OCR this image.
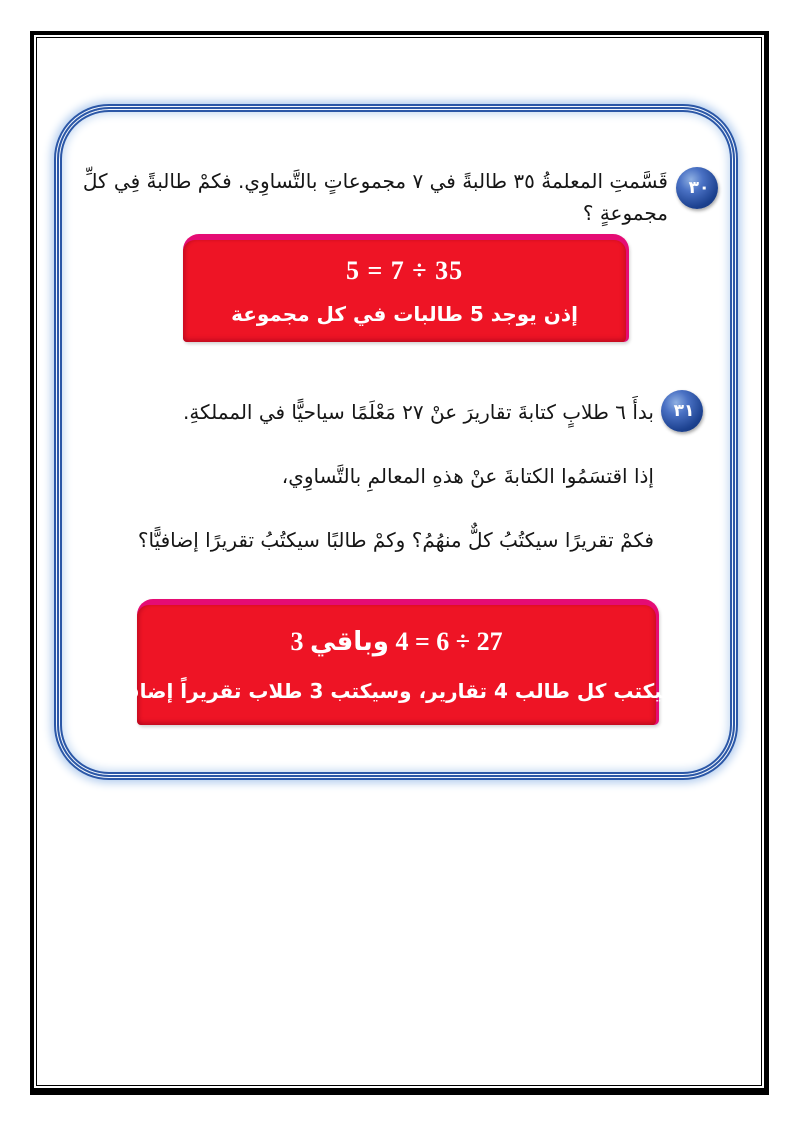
٣٠
قَسَّمتِ المعلمةُ ٣٥ طالبةً في ٧ مجموعاتٍ بالتَّساوِي. فكمْ طالبةً فِي كلِّ مجموعةٍ ؟
35 ÷ 7 = 5
إذن يوجد 5 طالبات في كل مجموعة
٣١
بدأَ ٦ طلابٍ كتابةَ تقاريرَ عنْ ٢٧ مَعْلَمًا سياحيًّا في المملكةِ.
إذا اقتسَمُوا الكتابةَ عنْ هذهِ المعالمِ بالتَّساوِي،
فكمْ تقريرًا سيكتُبُ كلٌّ منهُمُ؟ وكمْ طالبًا سيكتُبُ تقريرًا إضافيًّا؟
27 ÷ 6 = 4 وباقي 3
سيكتب كل طالب 4 تقارير، وسيكتب 3 طلاب تقريراً إضافياً
